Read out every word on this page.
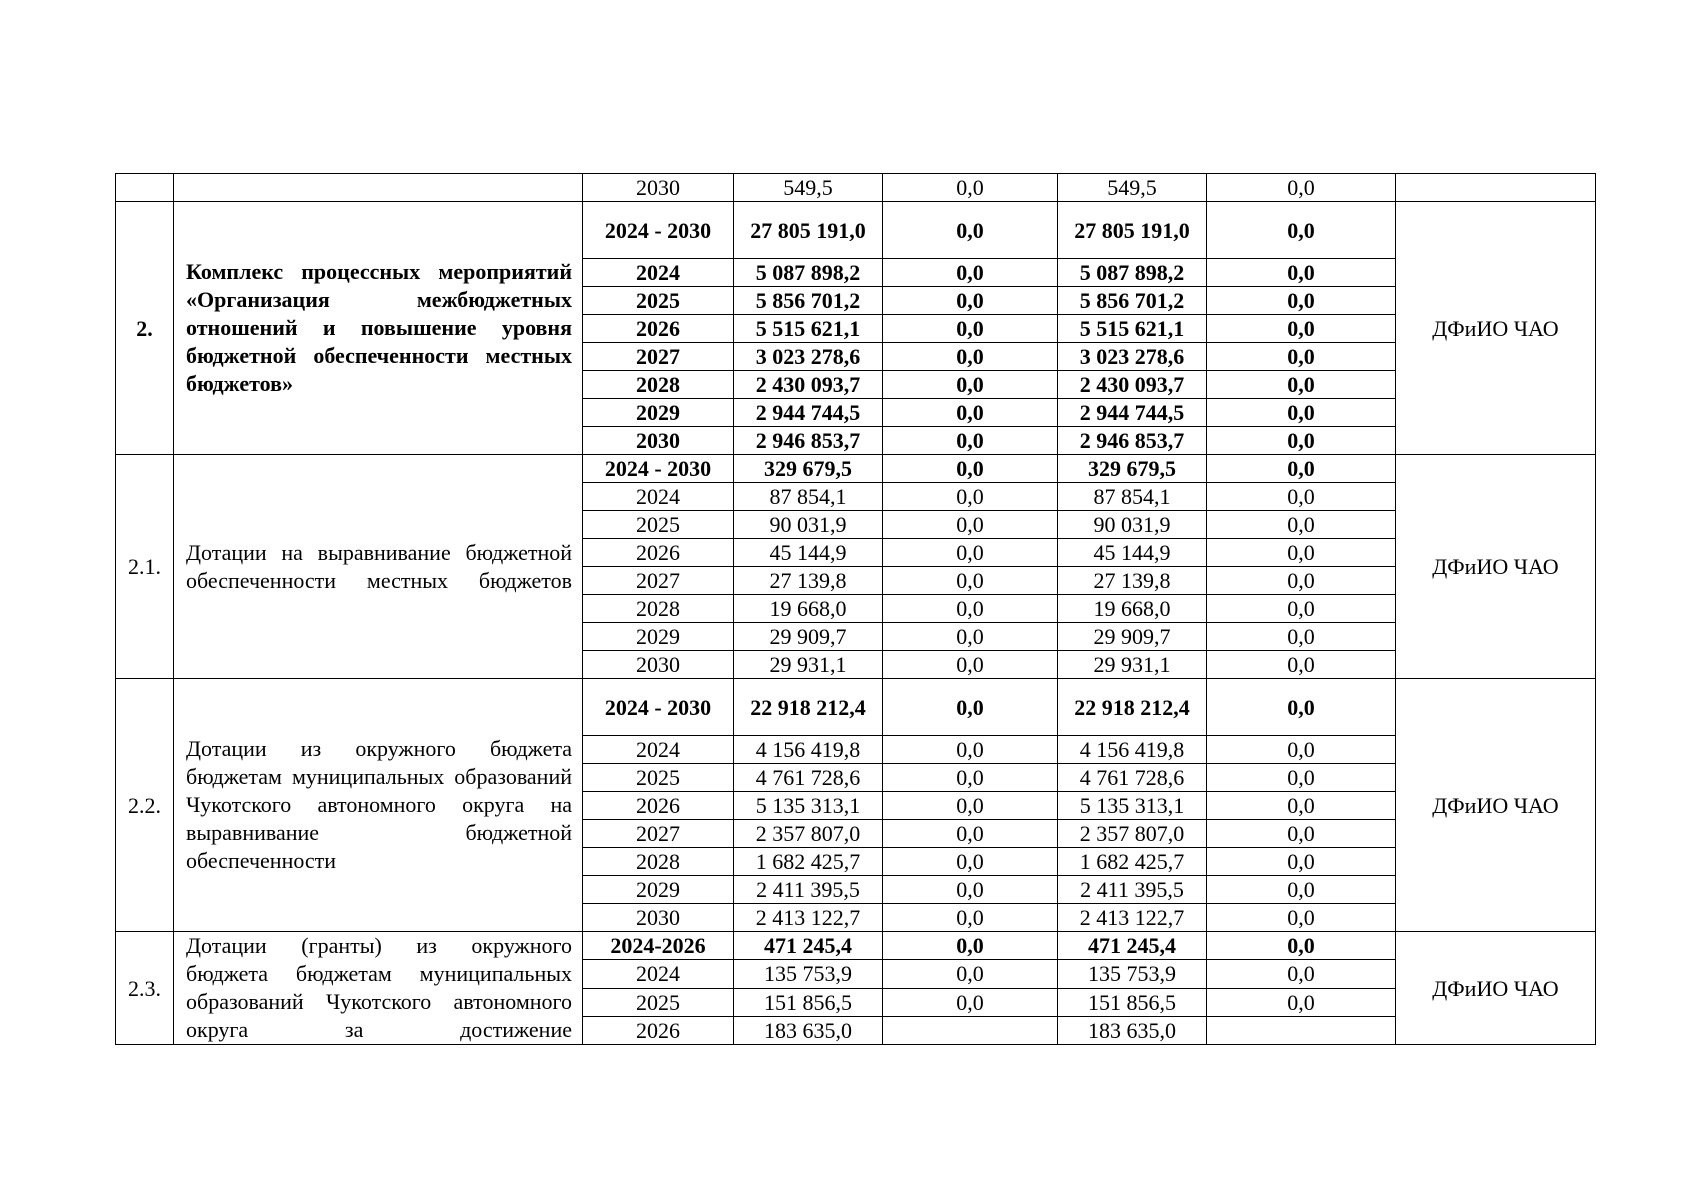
		2030	549,5	0,0	549,5	0,0	
2.	Комплекс процессных мероприятий «Организация межбюджетных отношений и повышение уровня бюджетной обеспеченности местных бюджетов»	2024 - 2030	27 805 191,0	0,0	27 805 191,0	0,0	ДФиИО ЧАО
		2024	5 087 898,2	0,0	5 087 898,2	0,0	
		2025	5 856 701,2	0,0	5 856 701,2	0,0	
		2026	5 515 621,1	0,0	5 515 621,1	0,0	
		2027	3 023 278,6	0,0	3 023 278,6	0,0	
		2028	2 430 093,7	0,0	2 430 093,7	0,0	
		2029	2 944 744,5	0,0	2 944 744,5	0,0	
		2030	2 946 853,7	0,0	2 946 853,7	0,0	
2.1.	Дотации на выравнивание бюджетной обеспеченности местных бюджетов	2024 - 2030	329 679,5	0,0	329 679,5	0,0	ДФиИО ЧАО
		2024	87 854,1	0,0	87 854,1	0,0	
		2025	90 031,9	0,0	90 031,9	0,0	
		2026	45 144,9	0,0	45 144,9	0,0	
		2027	27 139,8	0,0	27 139,8	0,0	
		2028	19 668,0	0,0	19 668,0	0,0	
		2029	29 909,7	0,0	29 909,7	0,0	
		2030	29 931,1	0,0	29 931,1	0,0	
2.2.	Дотации из окружного бюджета бюджетам муниципальных образований Чукотского автономного округа на выравнивание бюджетной обеспеченности	2024 - 2030	22 918 212,4	0,0	22 918 212,4	0,0	ДФиИО ЧАО
		2024	4 156 419,8	0,0	4 156 419,8	0,0	
		2025	4 761 728,6	0,0	4 761 728,6	0,0	
		2026	5 135 313,1	0,0	5 135 313,1	0,0	
		2027	2 357 807,0	0,0	2 357 807,0	0,0	
		2028	1 682 425,7	0,0	1 682 425,7	0,0	
		2029	2 411 395,5	0,0	2 411 395,5	0,0	
		2030	2 413 122,7	0,0	2 413 122,7	0,0	
2.3.	Дотации (гранты) из окружного бюджета бюджетам муниципальных образований Чукотского автономного округа за достижение	2024-2026	471 245,4	0,0	471 245,4	0,0	ДФиИО ЧАО
		2024	135 753,9	0,0	135 753,9	0,0	
		2025	151 856,5	0,0	151 856,5	0,0	
		2026	183 635,0		183 635,0		
